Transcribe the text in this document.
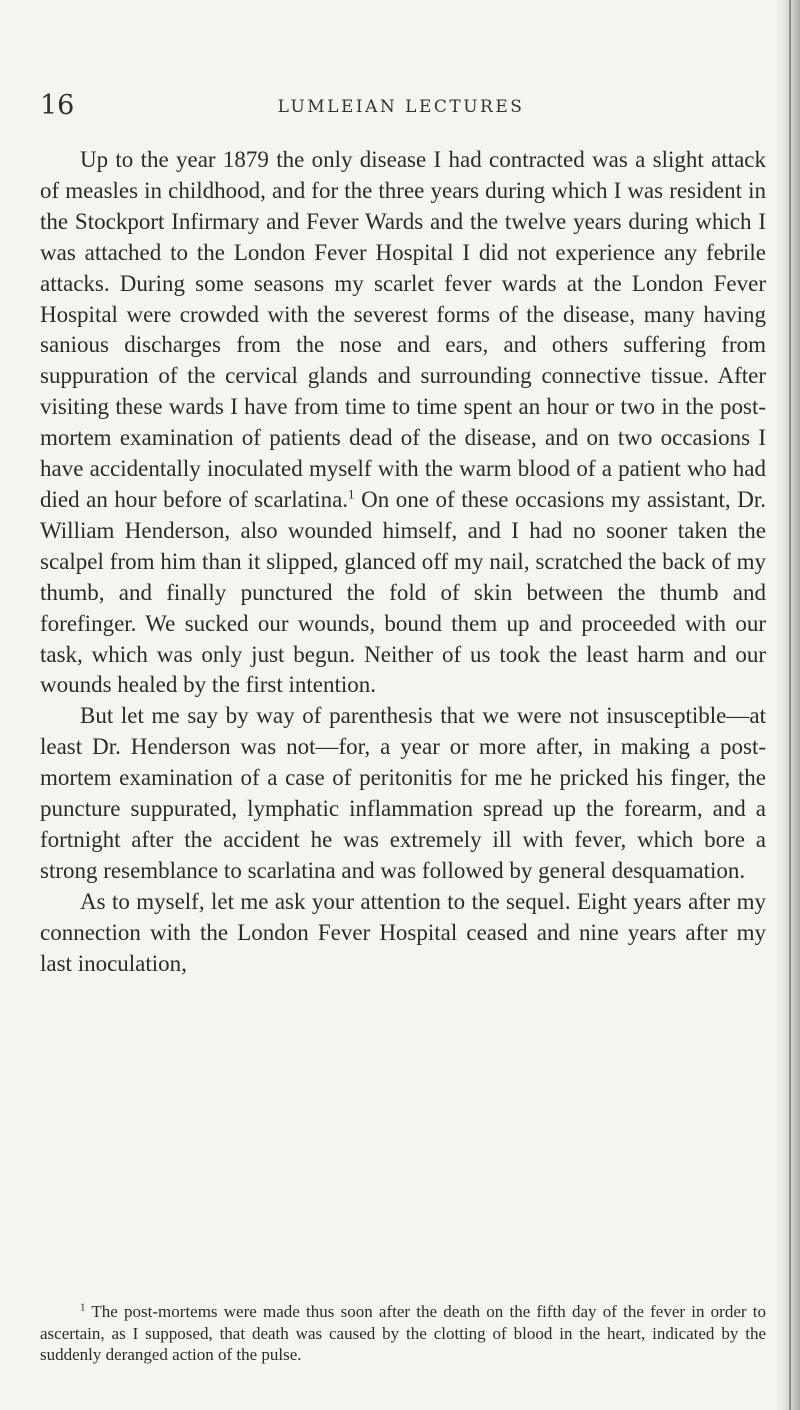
16	LUMLEIAN LECTURES

Up to the year 1879 the only disease I had contracted was a slight attack of measles in childhood, and for the three years during which I was resident in the Stockport Infirmary and Fever Wards and the twelve years during which I was attached to the London Fever Hospital I did not experience any febrile attacks. During some seasons my scarlet fever wards at the London Fever Hospital were crowded with the severest forms of the disease, many having sanious discharges from the nose and ears, and others suffering from suppuration of the cervical glands and surrounding connective tissue. After visiting these wards I have from time to time spent an hour or two in the post-mortem examination of patients dead of the disease, and on two occasions I have accidentally inoculated myself with the warm blood of a patient who had died an hour before of scarlatina.$^1$ On one of these occasions my assistant, Dr. William Henderson, also wounded himself, and I had no sooner taken the scalpel from him than it slipped, glanced off my nail, scratched the back of my thumb, and finally punctured the fold of skin between the thumb and forefinger. We sucked our wounds, bound them up and proceeded with our task, which was only just begun. Neither of us took the least harm and our wounds healed by the first intention.

But let me say by way of parenthesis that we were not insusceptible—at least Dr. Henderson was not—for, a year or more after, in making a post-mortem examination of a case of peritonitis for me he pricked his finger, the puncture suppurated, lymphatic inflammation spread up the forearm, and a fortnight after the accident he was extremely ill with fever, which bore a strong resemblance to scarlatina and was followed by general desquamation.

As to myself, let me ask your attention to the sequel. Eight years after my connection with the London Fever Hospital ceased and nine years after my last inoculation,

$^1$ The post-mortems were made thus soon after the death on the fifth day of the fever in order to ascertain, as I supposed, that death was caused by the clotting of blood in the heart, indicated by the suddenly deranged action of the pulse.
